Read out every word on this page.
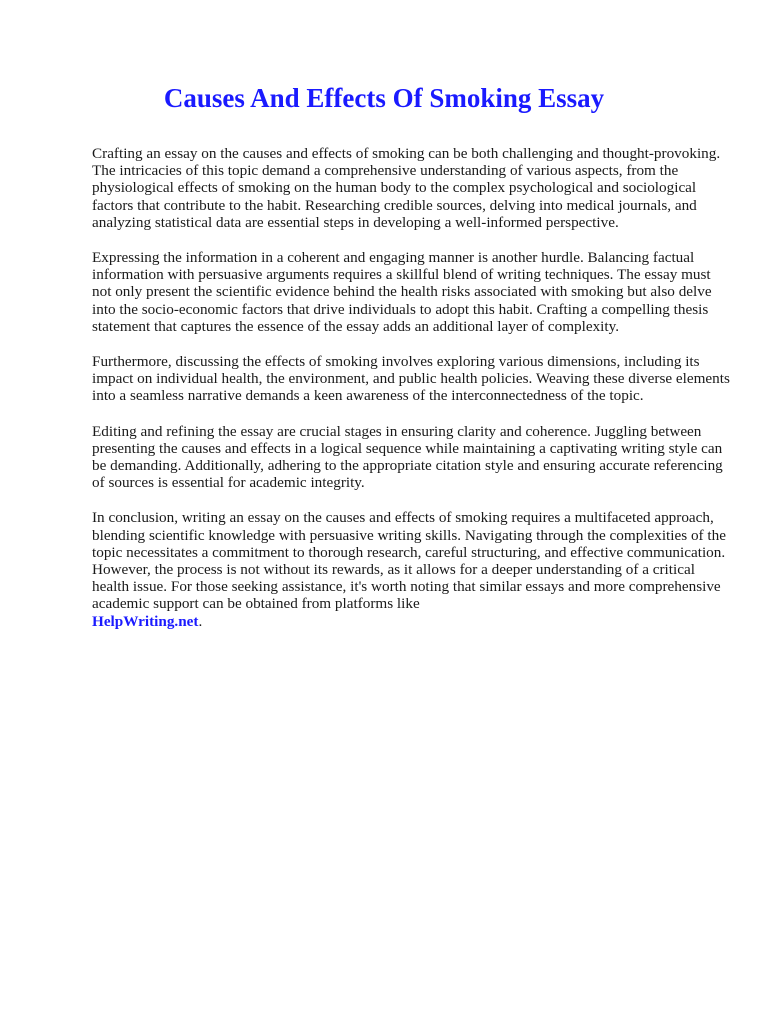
Causes And Effects Of Smoking Essay

Crafting an essay on the causes and effects of smoking can be both challenging and thought-provoking. The intricacies of this topic demand a comprehensive understanding of various aspects, from the physiological effects of smoking on the human body to the complex psychological and sociological factors that contribute to the habit. Researching credible sources, delving into medical journals, and analyzing statistical data are essential steps in developing a well-informed perspective.

Expressing the information in a coherent and engaging manner is another hurdle. Balancing factual information with persuasive arguments requires a skillful blend of writing techniques. The essay must not only present the scientific evidence behind the health risks associated with smoking but also delve into the socio-economic factors that drive individuals to adopt this habit. Crafting a compelling thesis statement that captures the essence of the essay adds an additional layer of complexity.

Furthermore, discussing the effects of smoking involves exploring various dimensions, including its impact on individual health, the environment, and public health policies. Weaving these diverse elements into a seamless narrative demands a keen awareness of the interconnectedness of the topic.

Editing and refining the essay are crucial stages in ensuring clarity and coherence. Juggling between presenting the causes and effects in a logical sequence while maintaining a captivating writing style can be demanding. Additionally, adhering to the appropriate citation style and ensuring accurate referencing of sources is essential for academic integrity.

In conclusion, writing an essay on the causes and effects of smoking requires a multifaceted approach, blending scientific knowledge with persuasive writing skills. Navigating through the complexities of the topic necessitates a commitment to thorough research, careful structuring, and effective communication. However, the process is not without its rewards, as it allows for a deeper understanding of a critical health issue. For those seeking assistance, it's worth noting that similar essays and more comprehensive academic support can be obtained from platforms like
HelpWriting.net.
